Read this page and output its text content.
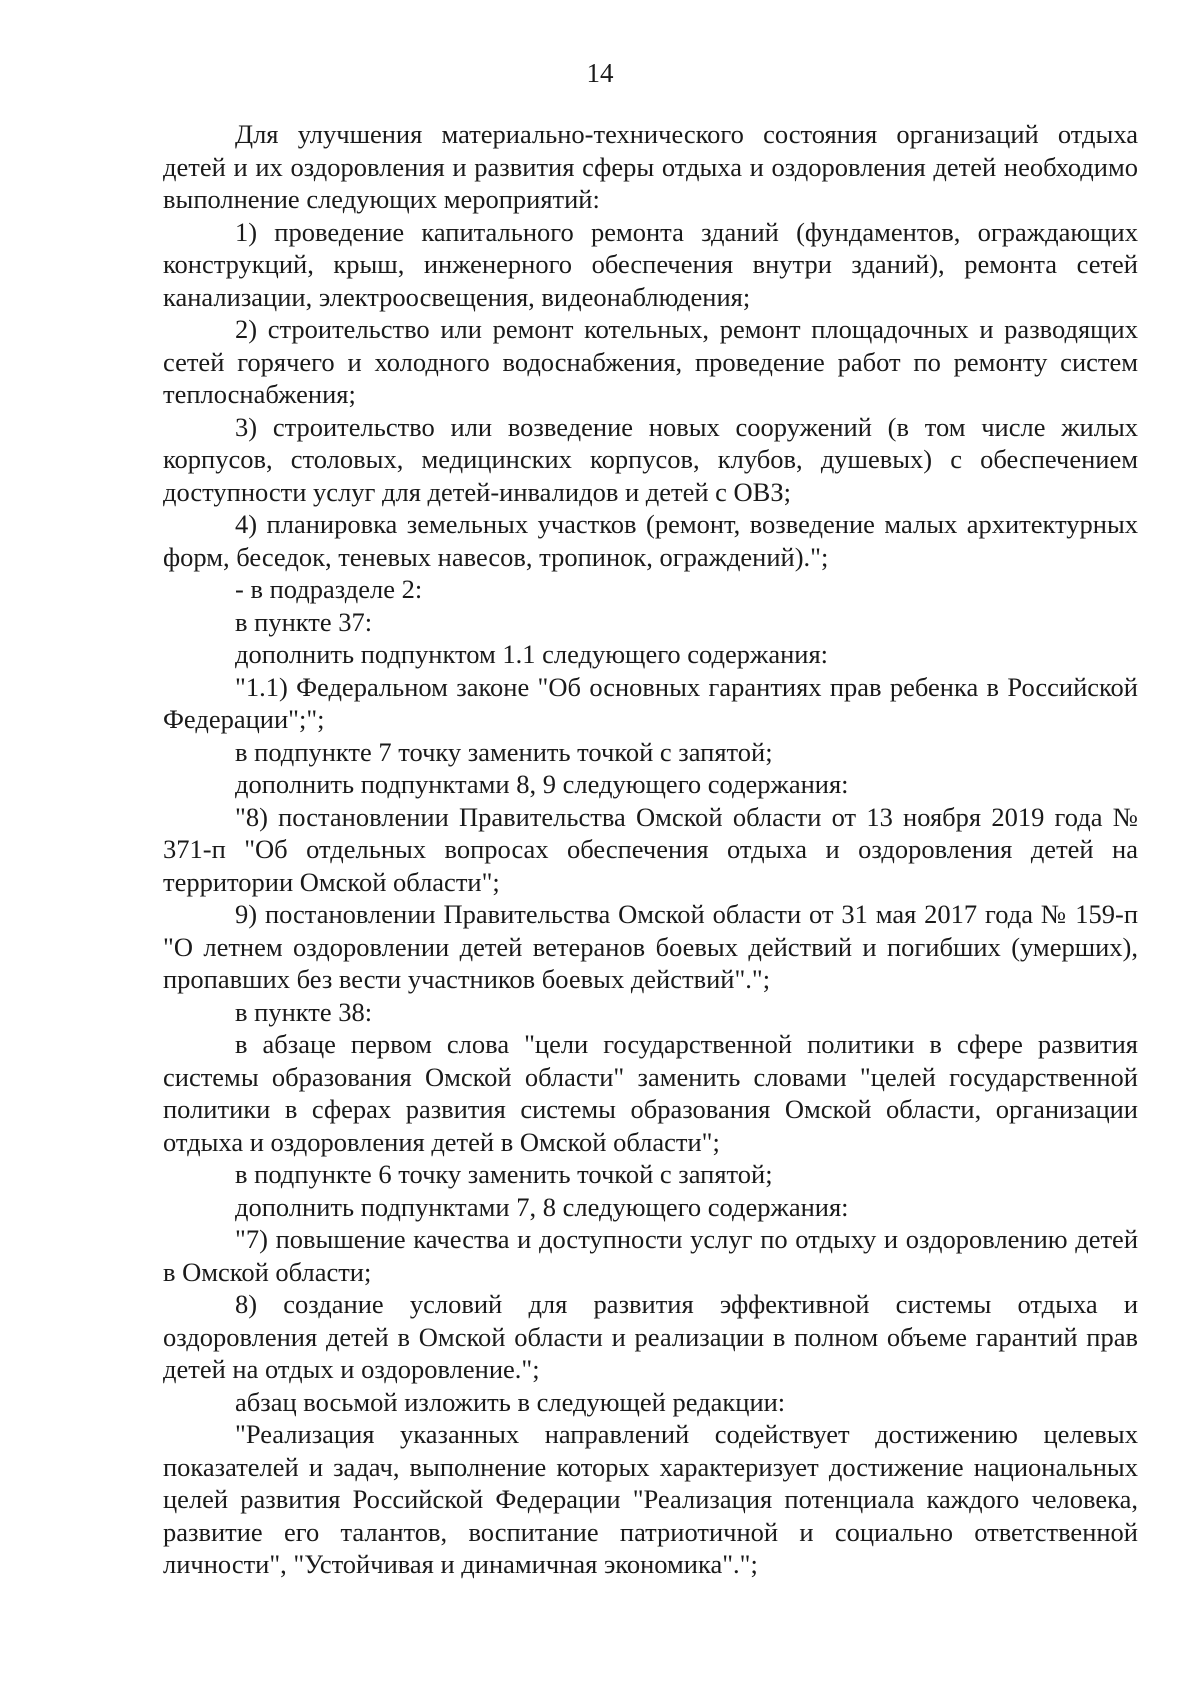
14

Для улучшения материально-технического состояния организаций отдыха детей и их оздоровления и развития сферы отдыха и оздоровления детей необходимо выполнение следующих мероприятий:

1) проведение капитального ремонта зданий (фундаментов, ограждающих конструкций, крыш, инженерного обеспечения внутри зданий), ремонта сетей канализации, электроосвещения, видеонаблюдения;

2) строительство или ремонт котельных, ремонт площадочных и разводящих сетей горячего и холодного водоснабжения, проведение работ по ремонту систем теплоснабжения;

3) строительство или возведение новых сооружений (в том числе жилых корпусов, столовых, медицинских корпусов, клубов, душевых) с обеспечением доступности услуг для детей-инвалидов и детей с ОВЗ;

4) планировка земельных участков (ремонт, возведение малых архитектурных форм, беседок, теневых навесов, тропинок, ограждений).";

- в подразделе 2:

в пункте 37:

дополнить подпунктом 1.1 следующего содержания:

"1.1) Федеральном законе "Об основных гарантиях прав ребенка в Российской Федерации";";

в подпункте 7 точку заменить точкой с запятой;

дополнить подпунктами 8, 9 следующего содержания:

"8) постановлении Правительства Омской области от 13 ноября 2019 года № 371-п "Об отдельных вопросах обеспечения отдыха и оздоровления детей на территории Омской области";

9) постановлении Правительства Омской области от 31 мая 2017 года № 159-п "О летнем оздоровлении детей ветеранов боевых действий и погибших (умерших), пропавших без вести участников боевых действий".";

в пункте 38:

в абзаце первом слова "цели государственной политики в сфере развития системы образования Омской области" заменить словами "целей государственной политики в сферах развития системы образования Омской области, организации отдыха и оздоровления детей в Омской области";

в подпункте 6 точку заменить точкой с запятой;

дополнить подпунктами 7, 8 следующего содержания:

"7) повышение качества и доступности услуг по отдыху и оздоровлению детей в Омской области;

8) создание условий для развития эффективной системы отдыха и оздоровления детей в Омской области и реализации в полном объеме гарантий прав детей на отдых и оздоровление.";

абзац восьмой изложить в следующей редакции:

"Реализация указанных направлений содействует достижению целевых показателей и задач, выполнение которых характеризует достижение национальных целей развития Российской Федерации "Реализация потенциала каждого человека, развитие его талантов, воспитание патриотичной и социально ответственной личности", "Устойчивая и динамичная экономика".";
